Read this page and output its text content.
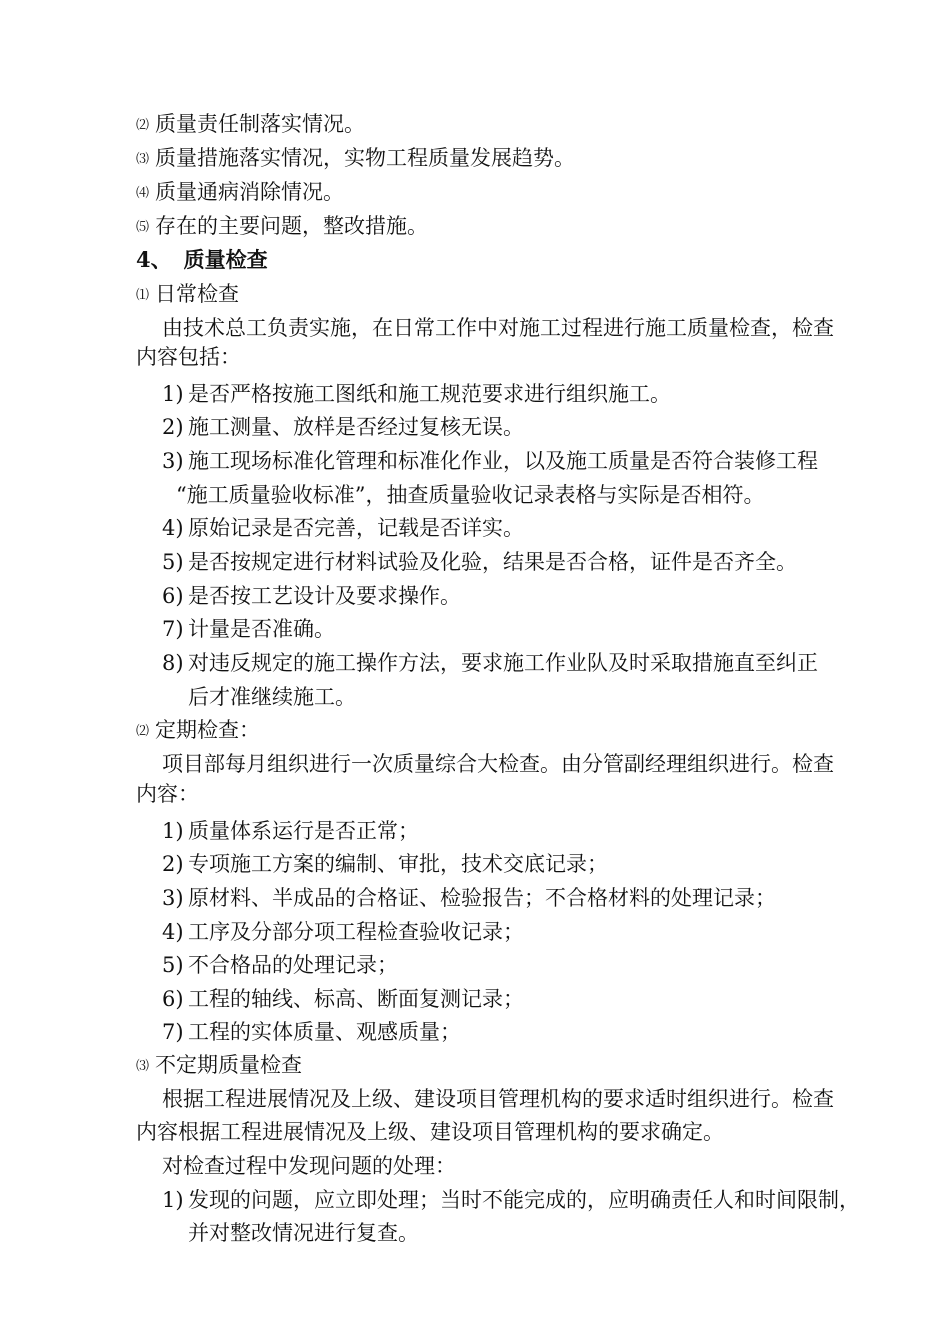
⑵ 质量责任制落实情况。
⑶ 质量措施落实情况，实物工程质量发展趋势。
⑷ 质量通病消除情况。
⑸ 存在的主要问题，整改措施。
4、 质量检查
⑴ 日常检查
由技术总工负责实施，在日常工作中对施工过程进行施工质量检查，检查
内容包括：
1) 是否严格按施工图纸和施工规范要求进行组织施工。
2) 施工测量、放样是否经过复核无误。
3) 施工现场标准化管理和标准化作业，以及施工质量是否符合装修工程
“施工质量验收标准”，抽查质量验收记录表格与实际是否相符。
4) 原始记录是否完善，记载是否详实。
5) 是否按规定进行材料试验及化验，结果是否合格，证件是否齐全。
6) 是否按工艺设计及要求操作。
7) 计量是否准确。
8) 对违反规定的施工操作方法，要求施工作业队及时采取措施直至纠正
后才准继续施工。
⑵ 定期检查：
项目部每月组织进行一次质量综合大检查。由分管副经理组织进行。检查
内容：
1) 质量体系运行是否正常；
2) 专项施工方案的编制、审批，技术交底记录；
3) 原材料、半成品的合格证、检验报告；不合格材料的处理记录；
4) 工序及分部分项工程检查验收记录；
5) 不合格品的处理记录；
6) 工程的轴线、标高、断面复测记录；
7) 工程的实体质量、观感质量；
⑶ 不定期质量检查
根据工程进展情况及上级、建设项目管理机构的要求适时组织进行。检查
内容根据工程进展情况及上级、建设项目管理机构的要求确定。
对检查过程中发现问题的处理：
1) 发现的问题，应立即处理；当时不能完成的，应明确责任人和时间限制，
并对整改情况进行复查。
